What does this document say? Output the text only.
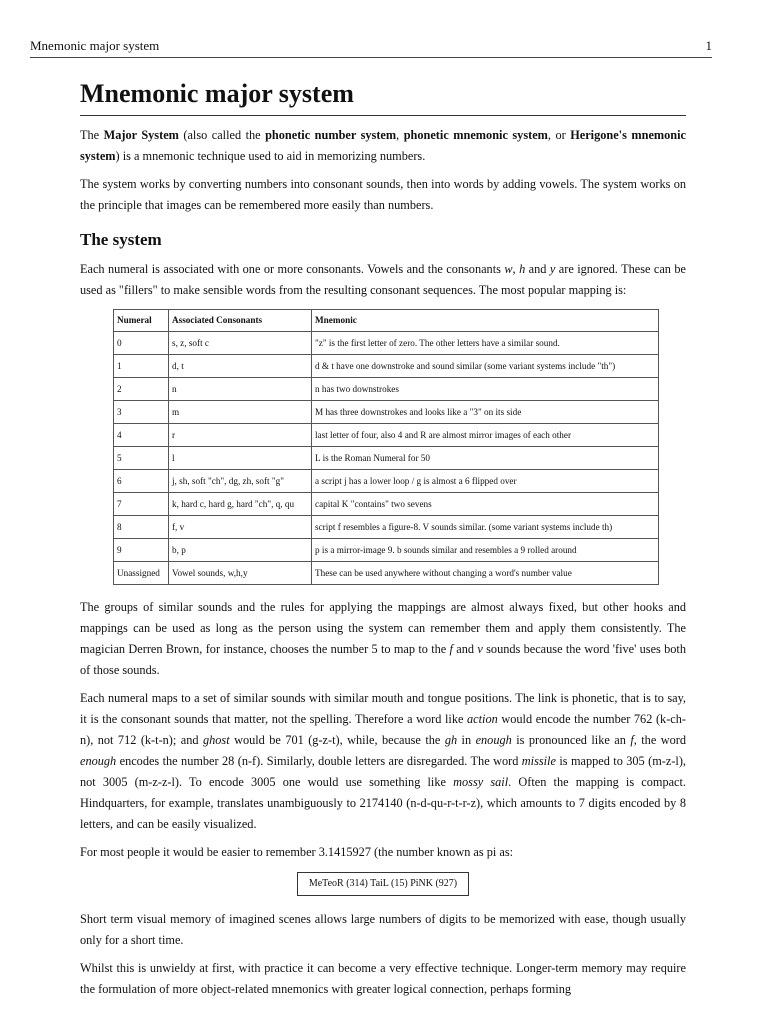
Mnemonic major system	1
Mnemonic major system

The Major System (also called the phonetic number system, phonetic mnemonic system, or Herigone's mnemonic system) is a mnemonic technique used to aid in memorizing numbers.

The system works by converting numbers into consonant sounds, then into words by adding vowels. The system works on the principle that images can be remembered more easily than numbers.

The system

Each numeral is associated with one or more consonants. Vowels and the consonants w, h and y are ignored. These can be used as "fillers" to make sensible words from the resulting consonant sequences. The most popular mapping is:

Numeral	Associated Consonants	Mnemonic
0	s, z, soft c	"z" is the first letter of zero. The other letters have a similar sound.
1	d, t	d & t have one downstroke and sound similar (some variant systems include "th")
2	n	n has two downstrokes
3	m	M has three downstrokes and looks like a "3" on its side
4	r	last letter of four, also 4 and R are almost mirror images of each other
5	l	L is the Roman Numeral for 50
6	j, sh, soft "ch", dg, zh, soft "g"	a script j has a lower loop / g is almost a 6 flipped over
7	k, hard c, hard g, hard "ch", q, qu	capital K "contains" two sevens
8	f, v	script f resembles a figure-8. V sounds similar. (some variant systems include th)
9	b, p	p is a mirror-image 9. b sounds similar and resembles a 9 rolled around
Unassigned	Vowel sounds, w,h,y	These can be used anywhere without changing a word's number value

The groups of similar sounds and the rules for applying the mappings are almost always fixed, but other hooks and mappings can be used as long as the person using the system can remember them and apply them consistently. The magician Derren Brown, for instance, chooses the number 5 to map to the f and v sounds because the word 'five' uses both of those sounds.

Each numeral maps to a set of similar sounds with similar mouth and tongue positions. The link is phonetic, that is to say, it is the consonant sounds that matter, not the spelling. Therefore a word like action would encode the number 762 (k-ch-n), not 712 (k-t-n); and ghost would be 701 (g-z-t), while, because the gh in enough is pronounced like an f, the word enough encodes the number 28 (n-f). Similarly, double letters are disregarded. The word missile is mapped to 305 (m-z-l), not 3005 (m-z-z-l). To encode 3005 one would use something like mossy sail. Often the mapping is compact. Hindquarters, for example, translates unambiguously to 2174140 (n-d-qu-r-t-r-z), which amounts to 7 digits encoded by 8 letters, and can be easily visualized.

For most people it would be easier to remember 3.1415927 (the number known as pi as:

MeTeoR (314) TaiL (15) PiNK (927)

Short term visual memory of imagined scenes allows large numbers of digits to be memorized with ease, though usually only for a short time.

Whilst this is unwieldy at first, with practice it can become a very effective technique. Longer-term memory may require the formulation of more object-related mnemonics with greater logical connection, perhaps forming
